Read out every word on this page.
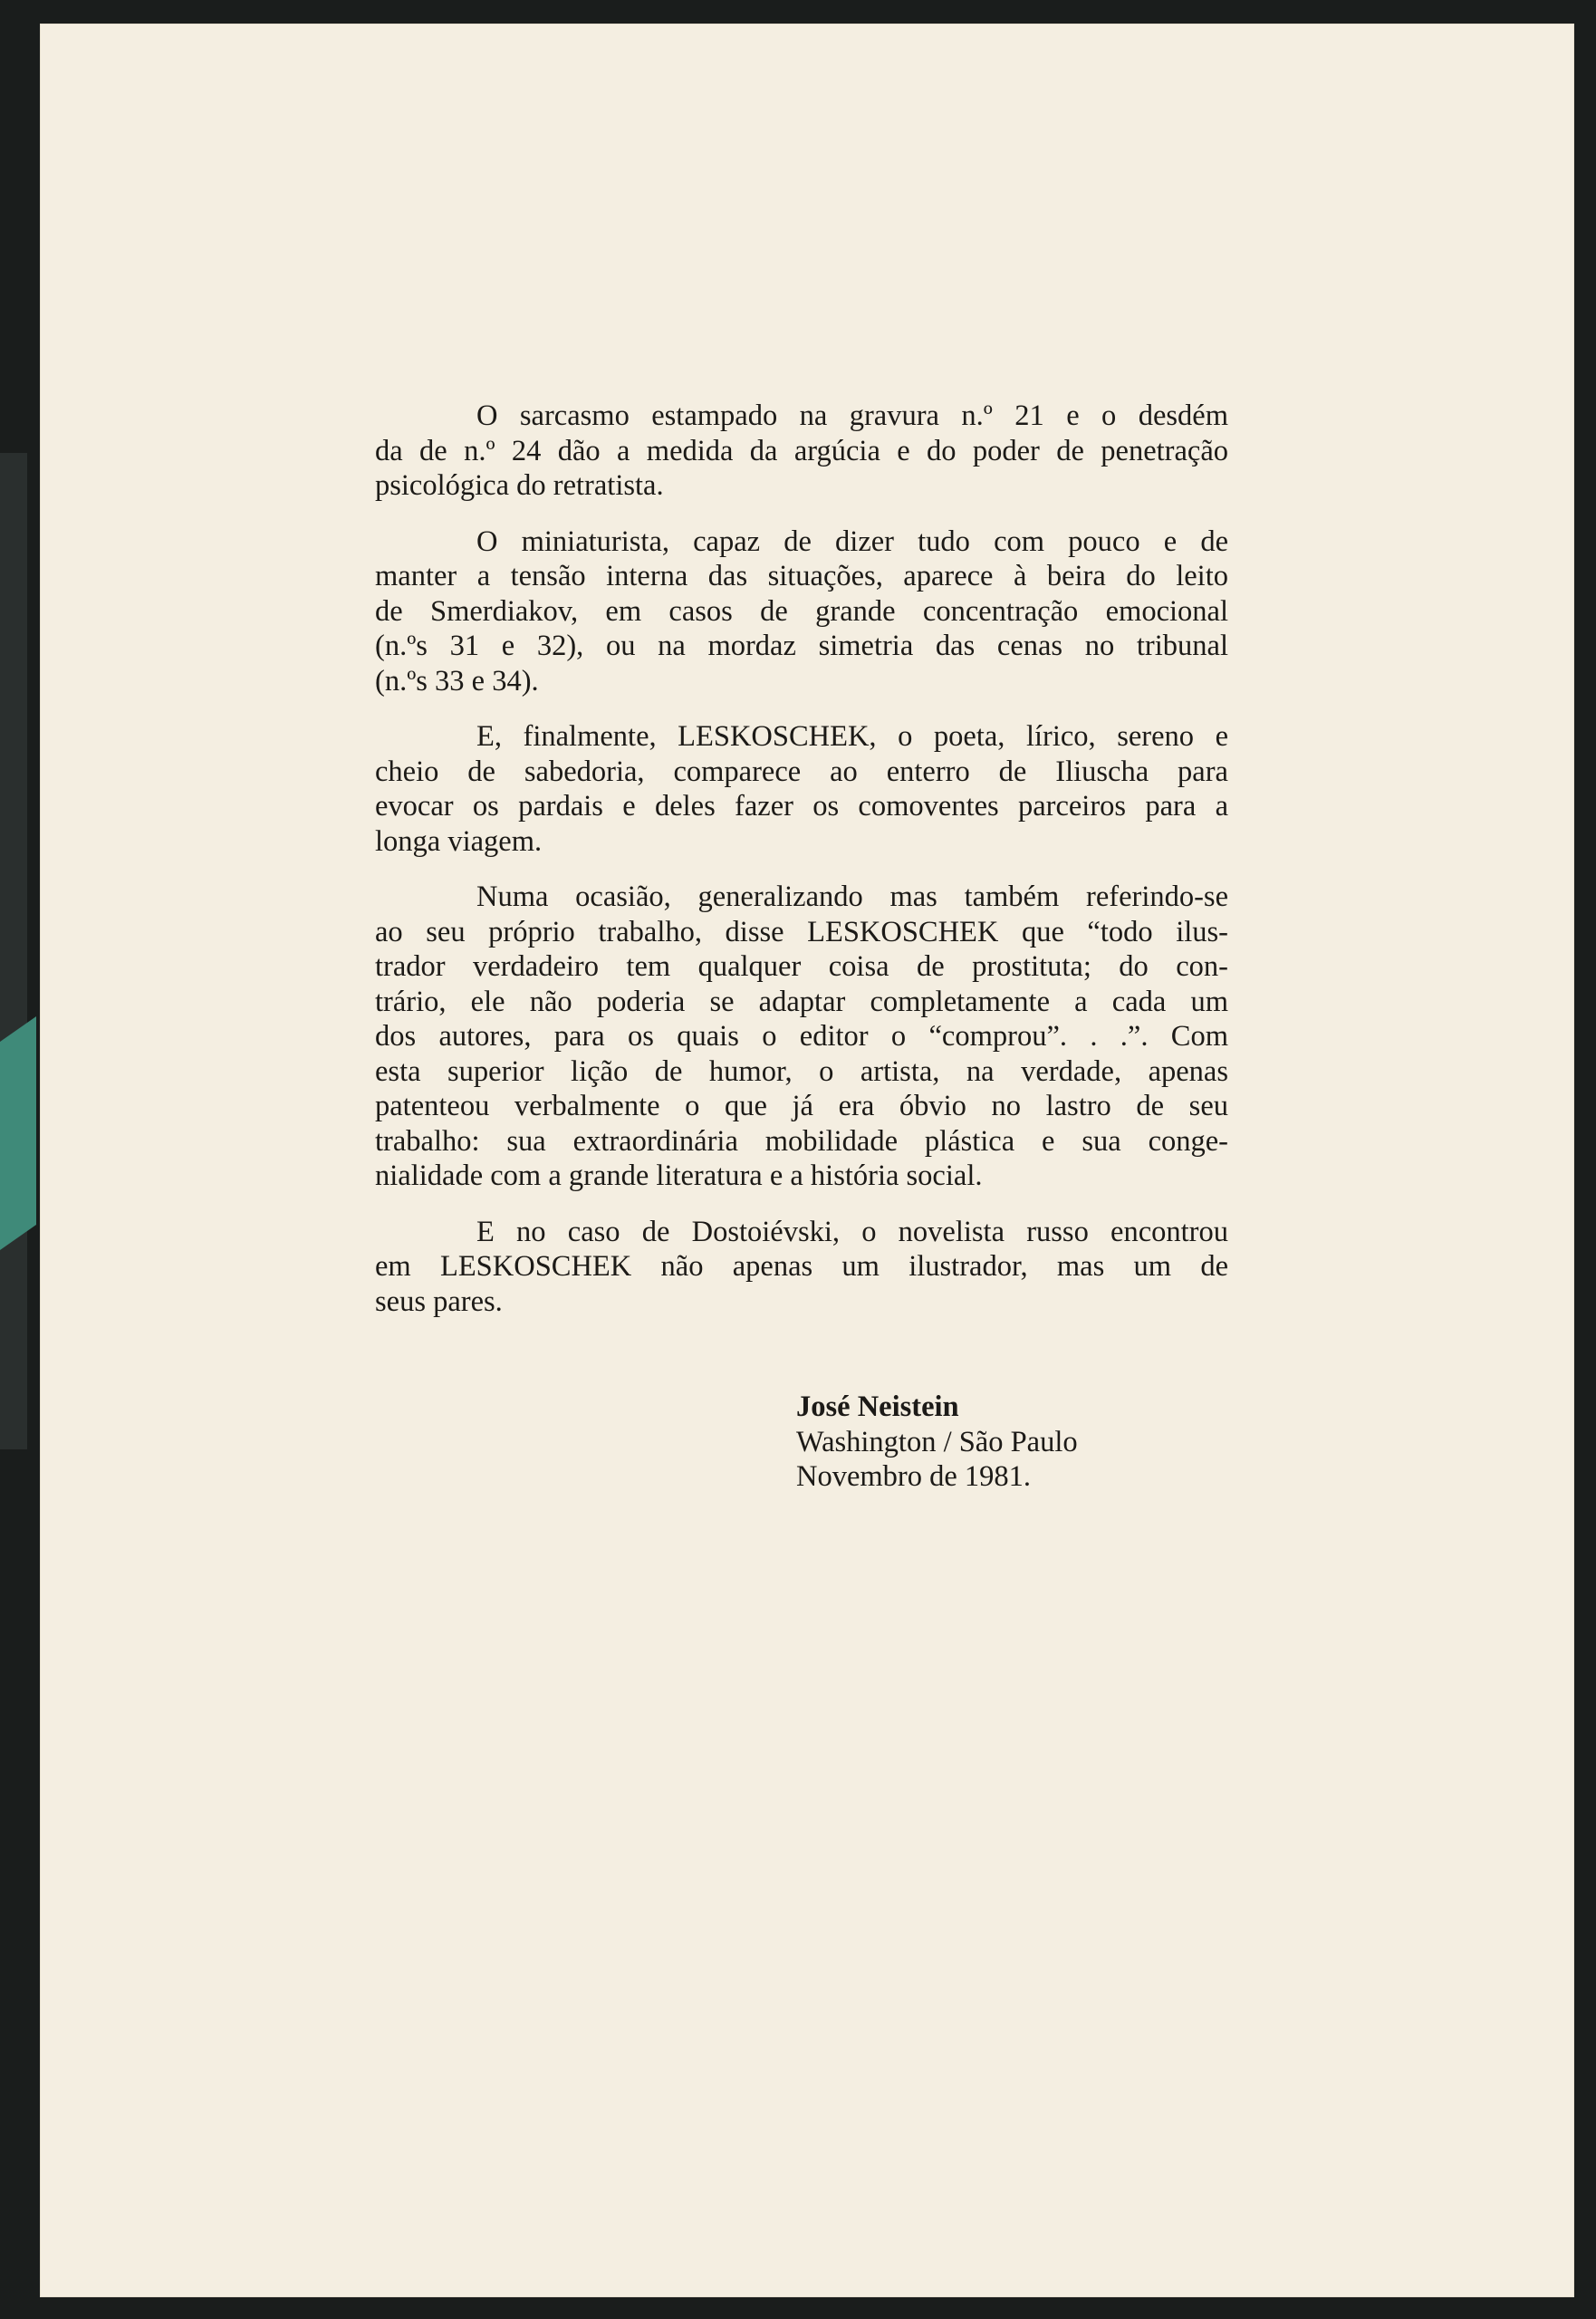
O sarcasmo estampado na gravura n.º 21 e o desdém
da de n.º 24 dão a medida da argúcia e do poder de penetração
psicológica do retratista.
O miniaturista, capaz de dizer tudo com pouco e de
manter a tensão interna das situações, aparece à beira do leito
de Smerdiakov, em casos de grande concentração emocional
(n.ºs 31 e 32), ou na mordaz simetria das cenas no tribunal
(n.ºs 33 e 34).
E, finalmente, LESKOSCHEK, o poeta, lírico, sereno e
cheio de sabedoria, comparece ao enterro de Iliuscha para
evocar os pardais e deles fazer os comoventes parceiros para a
longa viagem.
Numa ocasião, generalizando mas também referindo-se
ao seu próprio trabalho, disse LESKOSCHEK que “todo ilus-
trador verdadeiro tem qualquer coisa de prostituta; do con-
trário, ele não poderia se adaptar completamente a cada um
dos autores, para os quais o editor o “comprou”. . .”. Com
esta superior lição de humor, o artista, na verdade, apenas
patenteou verbalmente o que já era óbvio no lastro de seu
trabalho: sua extraordinária mobilidade plástica e sua conge-
nialidade com a grande literatura e a história social.
E no caso de Dostoiévski, o novelista russo encontrou
em LESKOSCHEK não apenas um ilustrador, mas um de
seus pares.
José Neistein
Washington / São Paulo
Novembro de 1981.
